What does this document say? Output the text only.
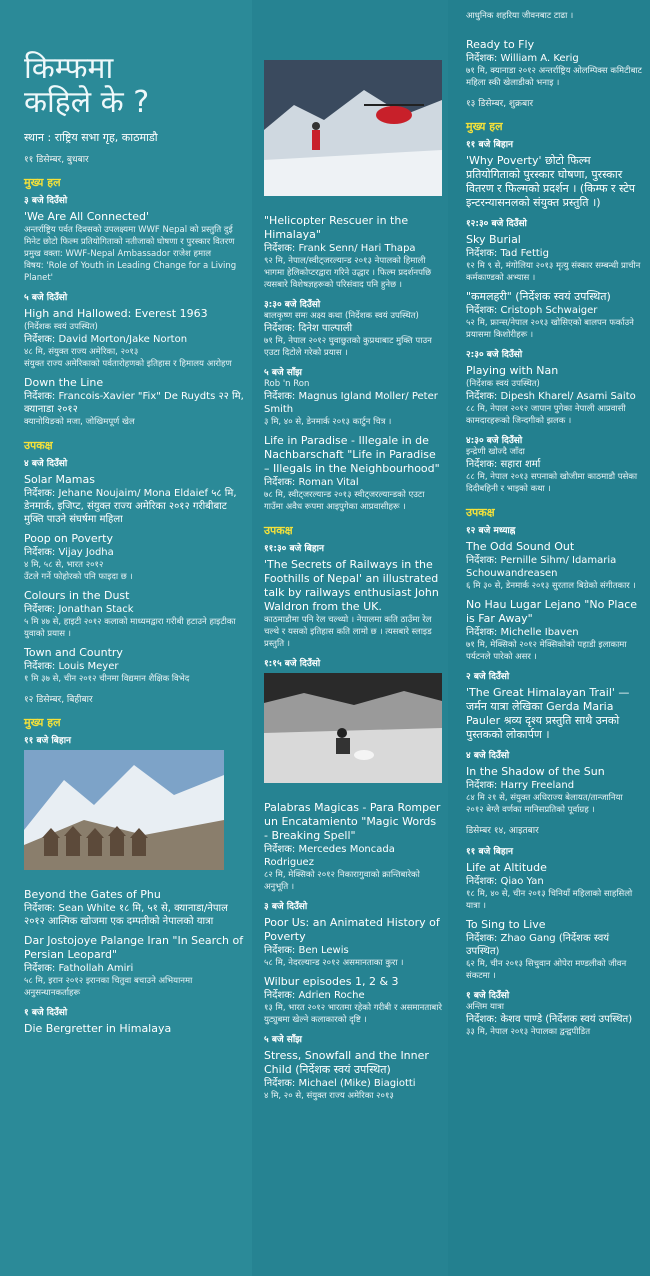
किम्फमा
कहिले के ?
स्थान : राष्ट्रिय सभा गृह, काठमाडौ
११ डिसेम्बर, बुधबार
मुख्य हल
३ बजे दिउँसो
'We Are All Connected'
अन्तर्राष्ट्रिय पर्वत दिवसको उपलक्ष्यमा WWF Nepal को प्रस्तुति दुई मिनेट छोटो फिल्म प्रतियोगिताको नतीजाको घोषणा र पुरस्कार वितरण
प्रमुख वक्ता: WWF-Nepal Ambassador राजेश हमाल
विषय: 'Role of Youth in Leading Change for a Living Planet'
५ बजे दिउँसो
High and Hallowed: Everest 1963
(निर्देशक स्वयं उपस्थित)
निर्देशक: David Morton/Jake Norton
४८ मि, संयुक्त राज्य अमेरिका, २०१३
संयुक्त राज्य अमेरिकाको पर्वतारोहणको इतिहास र हिमालय आरोहण
Down the Line
निर्देशक: Francois-Xavier "Fix" De Ruydts २२ मि, क्यानाडा २०१२
क्यानोयिङको मजा, जोखिमपूर्ण खेल
उपकक्ष
४ बजे दिउँसो
Solar Mamas
निर्देशक: Jehane Noujaim/ Mona Eldaief ५८ मि, डेनमार्क, इजिप्ट, संयुक्त राज्य अमेरिका २०१२ गरीबीबाट मुक्ति पाउने संघर्षमा महिला
Poop on Poverty
निर्देशक: Vijay Jodha
४ मि, ५८ से, भारत २०१२
उँटले गर्ने फोहोरको पनि फाइदा छ ।
Colours in the Dust
निर्देशक: Jonathan Stack
५ मि ४७ से, हाइटी २०१२ कलाको माध्यमद्वारा गरीबी हटाउने हाइटीका युवाको प्रयास ।
Town and Country
निर्देशक: Louis Meyer
१ मि ३७ से, चीन २०१२ चीनमा विद्यमान शैक्षिक विभेद
१२ डिसेम्बर, बिहीबार
मुख्य हल
११ बजे बिहान
Beyond the Gates of Phu
निर्देशक: Sean White १८ मि, ५१ से, क्यानाडा/नेपाल २०१२ आत्मिक खोजमा एक दम्पतीको नेपालको यात्रा
Dar Jostojoye Palange Iran "In Search of Persian Leopard"
निर्देशक: Fathollah Amiri
५८ मि, इरान २०१२ इरानका चितुवा बचाउने अभियानमा अनुसन्धानकर्ताहरू
१ बजे दिउँसो
Die Bergretter in Himalaya
"Helicopter Rescuer in the Himalaya"
निर्देशक: Frank Senn/ Hari Thapa
९२ मि, नेपाल/स्वीट्जरल्यान्ड २०१३ नेपालको हिमाली भागमा हेलिकोप्टरद्वारा गरिने उद्धार । फिल्म प्रदर्शनपछि त्यसबारे विशेषज्ञहरूको परिसंवाद पनि हुनेछ ।
३:३० बजे दिउँसो
बालकृष्ण समः अक्ष्य कथा (निर्देशक स्वयं उपस्थित)
निर्देशक: दिनेश पाल्पाली
७१ मि, नेपाल २०१२ घुवाछुतको कुप्रथाबाट मुक्ति पाउन एउटा दिटोले गरेको प्रयास ।
५ बजे साँझ
Rob 'n Ron
निर्देशक: Magnus Igland Moller/ Peter Smith
३ मि, ४० से, डेनमार्क २०१३ कार्टुन चित्र ।
Life in Paradise - Illegale in de Nachbarschaft "Life in Paradise – Illegals in the Neighbourhood"
निर्देशक: Roman Vital
७८ मि, स्वीट्जरल्यान्ड २०१३ स्वीट्जरल्यान्डको एउटा गाउँमा अवैध रूपमा आइपुगेका आप्रवासीहरू ।
उपकक्ष
११:३० बजे बिहान
'The Secrets of Railways in the Foothills of Nepal' an illustrated talk by railways enthusiast John Waldron from the UK.
काठमाडौमा पनि रेल चल्थ्यो । नेपालमा कति ठाउँमा रेल चल्थे र यसको इतिहास कति लामो छ । त्यसबारे स्लाइड प्रस्तुति ।
१:१५ बजे दिउँसो
Palabras Magicas - Para Romper un Encatamiento "Magic Words - Breaking Spell"
निर्देशक: Mercedes Moncada Rodriguez
८२ मि, मेक्सिको २०१२ निकारागुवाको क्रान्तिबारेको अनुभूति ।
३ बजे दिउँसो
Poor Us: an Animated History of Poverty
निर्देशक: Ben Lewis
५८ मि, नेदरल्यान्ड २०१२ असमानताका कुरा ।
Wilbur episodes 1, 2 & 3
निर्देशक: Adrien Roche
१३ मि, भारत २०१२ भारतमा रहेको गरीबी र असमानताबारे युट्युबमा खेल्ने कलाकारको दृष्टि ।
५ बजे साँझ
Stress, Snowfall and the Inner Child (निर्देशक स्वयं उपस्थित)
निर्देशक: Michael (Mike) Biagiotti
४ मि, २० से, संयुक्त राज्य अमेरिका २०१३
आधुनिक शहरिया जीवनबाट टाढा ।
Ready to Fly
निर्देशक: William A. Kerig
७१ मि, क्यानाडा २०१२ अन्तर्राष्ट्रिय ओलम्पिक्स कमिटीबाट महिला स्की खेलाडीको भनाइ ।
१३ डिसेम्बर, शुक्रबार
मुख्य हल
११ बजे बिहान
'Why Poverty' छोटो फिल्म प्रतियोगिताको पुरस्कार घोषणा, पुरस्कार वितरण र फिल्मको प्रदर्शन । (किम्फ र स्टेप इन्टरन्यासनलको संयुक्त प्रस्तुति ।)
१२:३० बजे दिउँसो
Sky Burial
निर्देशक: Tad Fettig
१२ मि ९ से, मंगोलिया २०१३ मृत्यु संस्कार सम्बन्धी प्राचीन कर्मकाण्डको अभ्यास ।
"कमलहरी" (निर्देशक स्वयं उपस्थित)
निर्देशक: Cristoph Schwaiger
५२ मि, फ्रान्स/नेपाल २०१३ खोसिएको बालपन फर्काउने प्रयासमा किशोरीहरू ।
२:३० बजे दिउँसो
Playing with Nan
(निर्देशक स्वयं उपस्थित)
निर्देशक: Dipesh Kharel/ Asami Saito
८८ मि, नेपाल २०१२ जापान पुगेका नेपाली आप्रवासी कामदारहरूको जिन्दगीको झलक ।
४:३० बजे दिउँसो
इन्द्रेणी खोज्दै जाँदा
निर्देशक: सहारा शर्मा
८८ मि, नेपाल २०१३ सपनाको खोजीमा काठमाडौ पसेका दिदीबहिनी र भाइको कथा ।
उपकक्ष
१२ बजे मध्याह्न
The Odd Sound Out
निर्देशक: Pernille Sihm/ Idamaria Schouwandreasen
६ मि ३० से, डेनमार्क २०१३ सुरताल बिग्रेको संगीतकार ।
No Hau Lugar Lejano "No Place is Far Away"
निर्देशक: Michelle Ibaven
७१ मि, मेक्सिको २०१२ मेक्सिकोको पहाडी इलाकामा पर्यटनले पारेको असर ।
२ बजे दिउँसो
'The Great Himalayan Trail' — जर्मन यात्रा लेखिका Gerda Maria Pauler श्रव्य दृश्य प्रस्तुति साथै उनको पुस्तकको लोकार्पण ।
४ बजे दिउँसो
In the Shadow of the Sun
निर्देशक: Harry Freeland
८४ मि २१ से, संयुक्त अधिराज्य बेलायत/तान्जानिया २०१२ बेग्लै वर्णका मानिसप्रतिको पूर्वाग्रह ।
डिसेम्बर १४, आइतबार
११ बजे बिहान
Life at Altitude
निर्देशक: Qiao Yan
१८ मि, ४० से, चीन २०१३ चिनियाँ महिलाको साहसिलो यात्रा ।
To Sing to Live
निर्देशक: Zhao Gang (निर्देशक स्वयं उपस्थित)
६२ मि, चीन २०१३ सिचुवान ओपेरा मण्डलीको जीवन संकटमा ।
१ बजे दिउँसो
अन्तिम यात्रा
निर्देशक: केशव पाण्डे (निर्देशक स्वयं उपस्थित)
३३ मि, नेपाल २०१३ नेपालका द्वन्द्वपीडित
